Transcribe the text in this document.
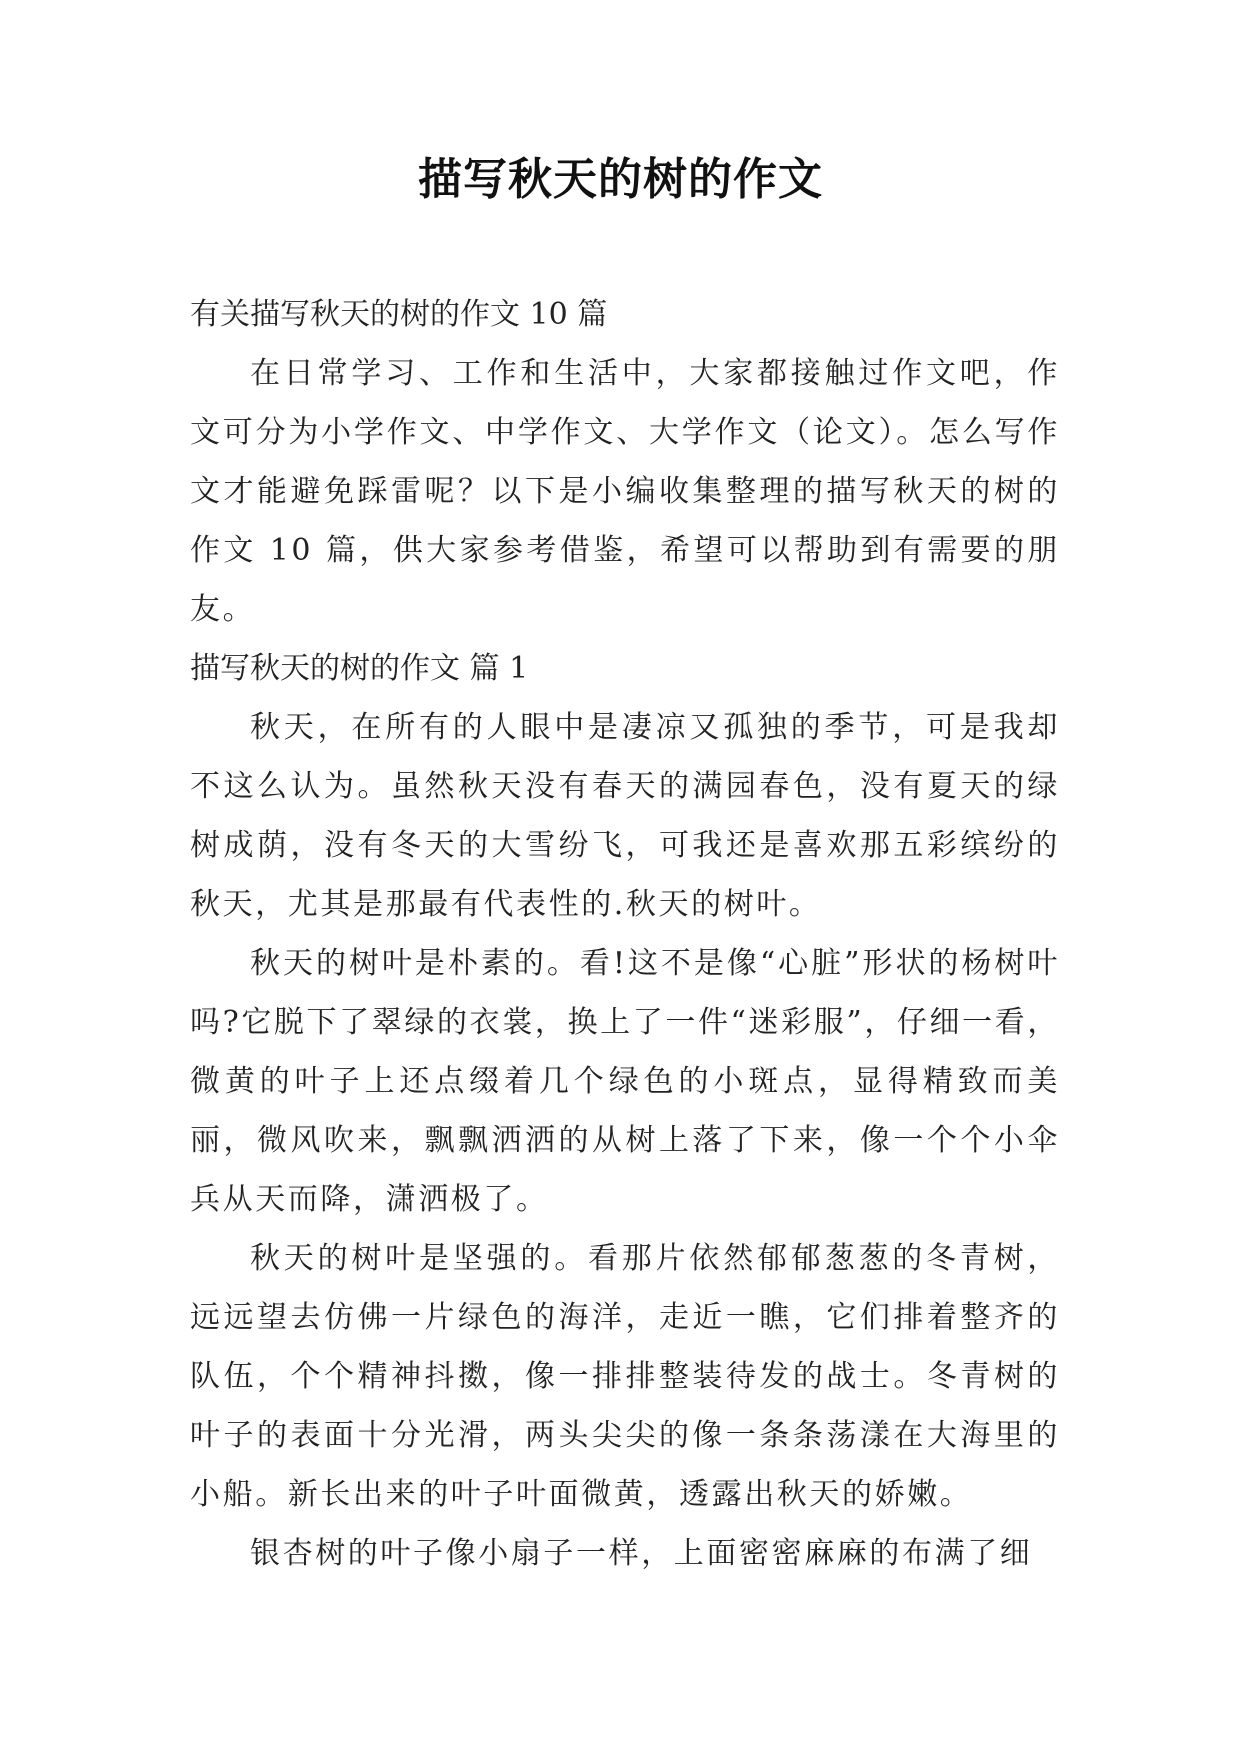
描写秋天的树的作文

有关描写秋天的树的作文 10 篇

在日常学习、工作和生活中，大家都接触过作文吧，作文可分为小学作文、中学作文、大学作文（论文）。怎么写作文才能避免踩雷呢？以下是小编收集整理的描写秋天的树的作文 10 篇，供大家参考借鉴，希望可以帮助到有需要的朋友。

描写秋天的树的作文 篇 1

秋天，在所有的人眼中是凄凉又孤独的季节，可是我却不这么认为。虽然秋天没有春天的满园春色，没有夏天的绿树成荫，没有冬天的大雪纷飞，可我还是喜欢那五彩缤纷的秋天，尤其是那最有代表性的.秋天的树叶。

秋天的树叶是朴素的。看!这不是像“心脏”形状的杨树叶吗?它脱下了翠绿的衣裳，换上了一件“迷彩服”，仔细一看，微黄的叶子上还点缀着几个绿色的小斑点，显得精致而美丽，微风吹来，飘飘洒洒的从树上落了下来，像一个个小伞兵从天而降，潇洒极了。

秋天的树叶是坚强的。看那片依然郁郁葱葱的冬青树，远远望去仿佛一片绿色的海洋，走近一瞧，它们排着整齐的队伍，个个精神抖擞，像一排排整装待发的战士。冬青树的叶子的表面十分光滑，两头尖尖的像一条条荡漾在大海里的小船。新长出来的叶子叶面微黄，透露出秋天的娇嫩。

银杏树的叶子像小扇子一样，上面密密麻麻的布满了细
